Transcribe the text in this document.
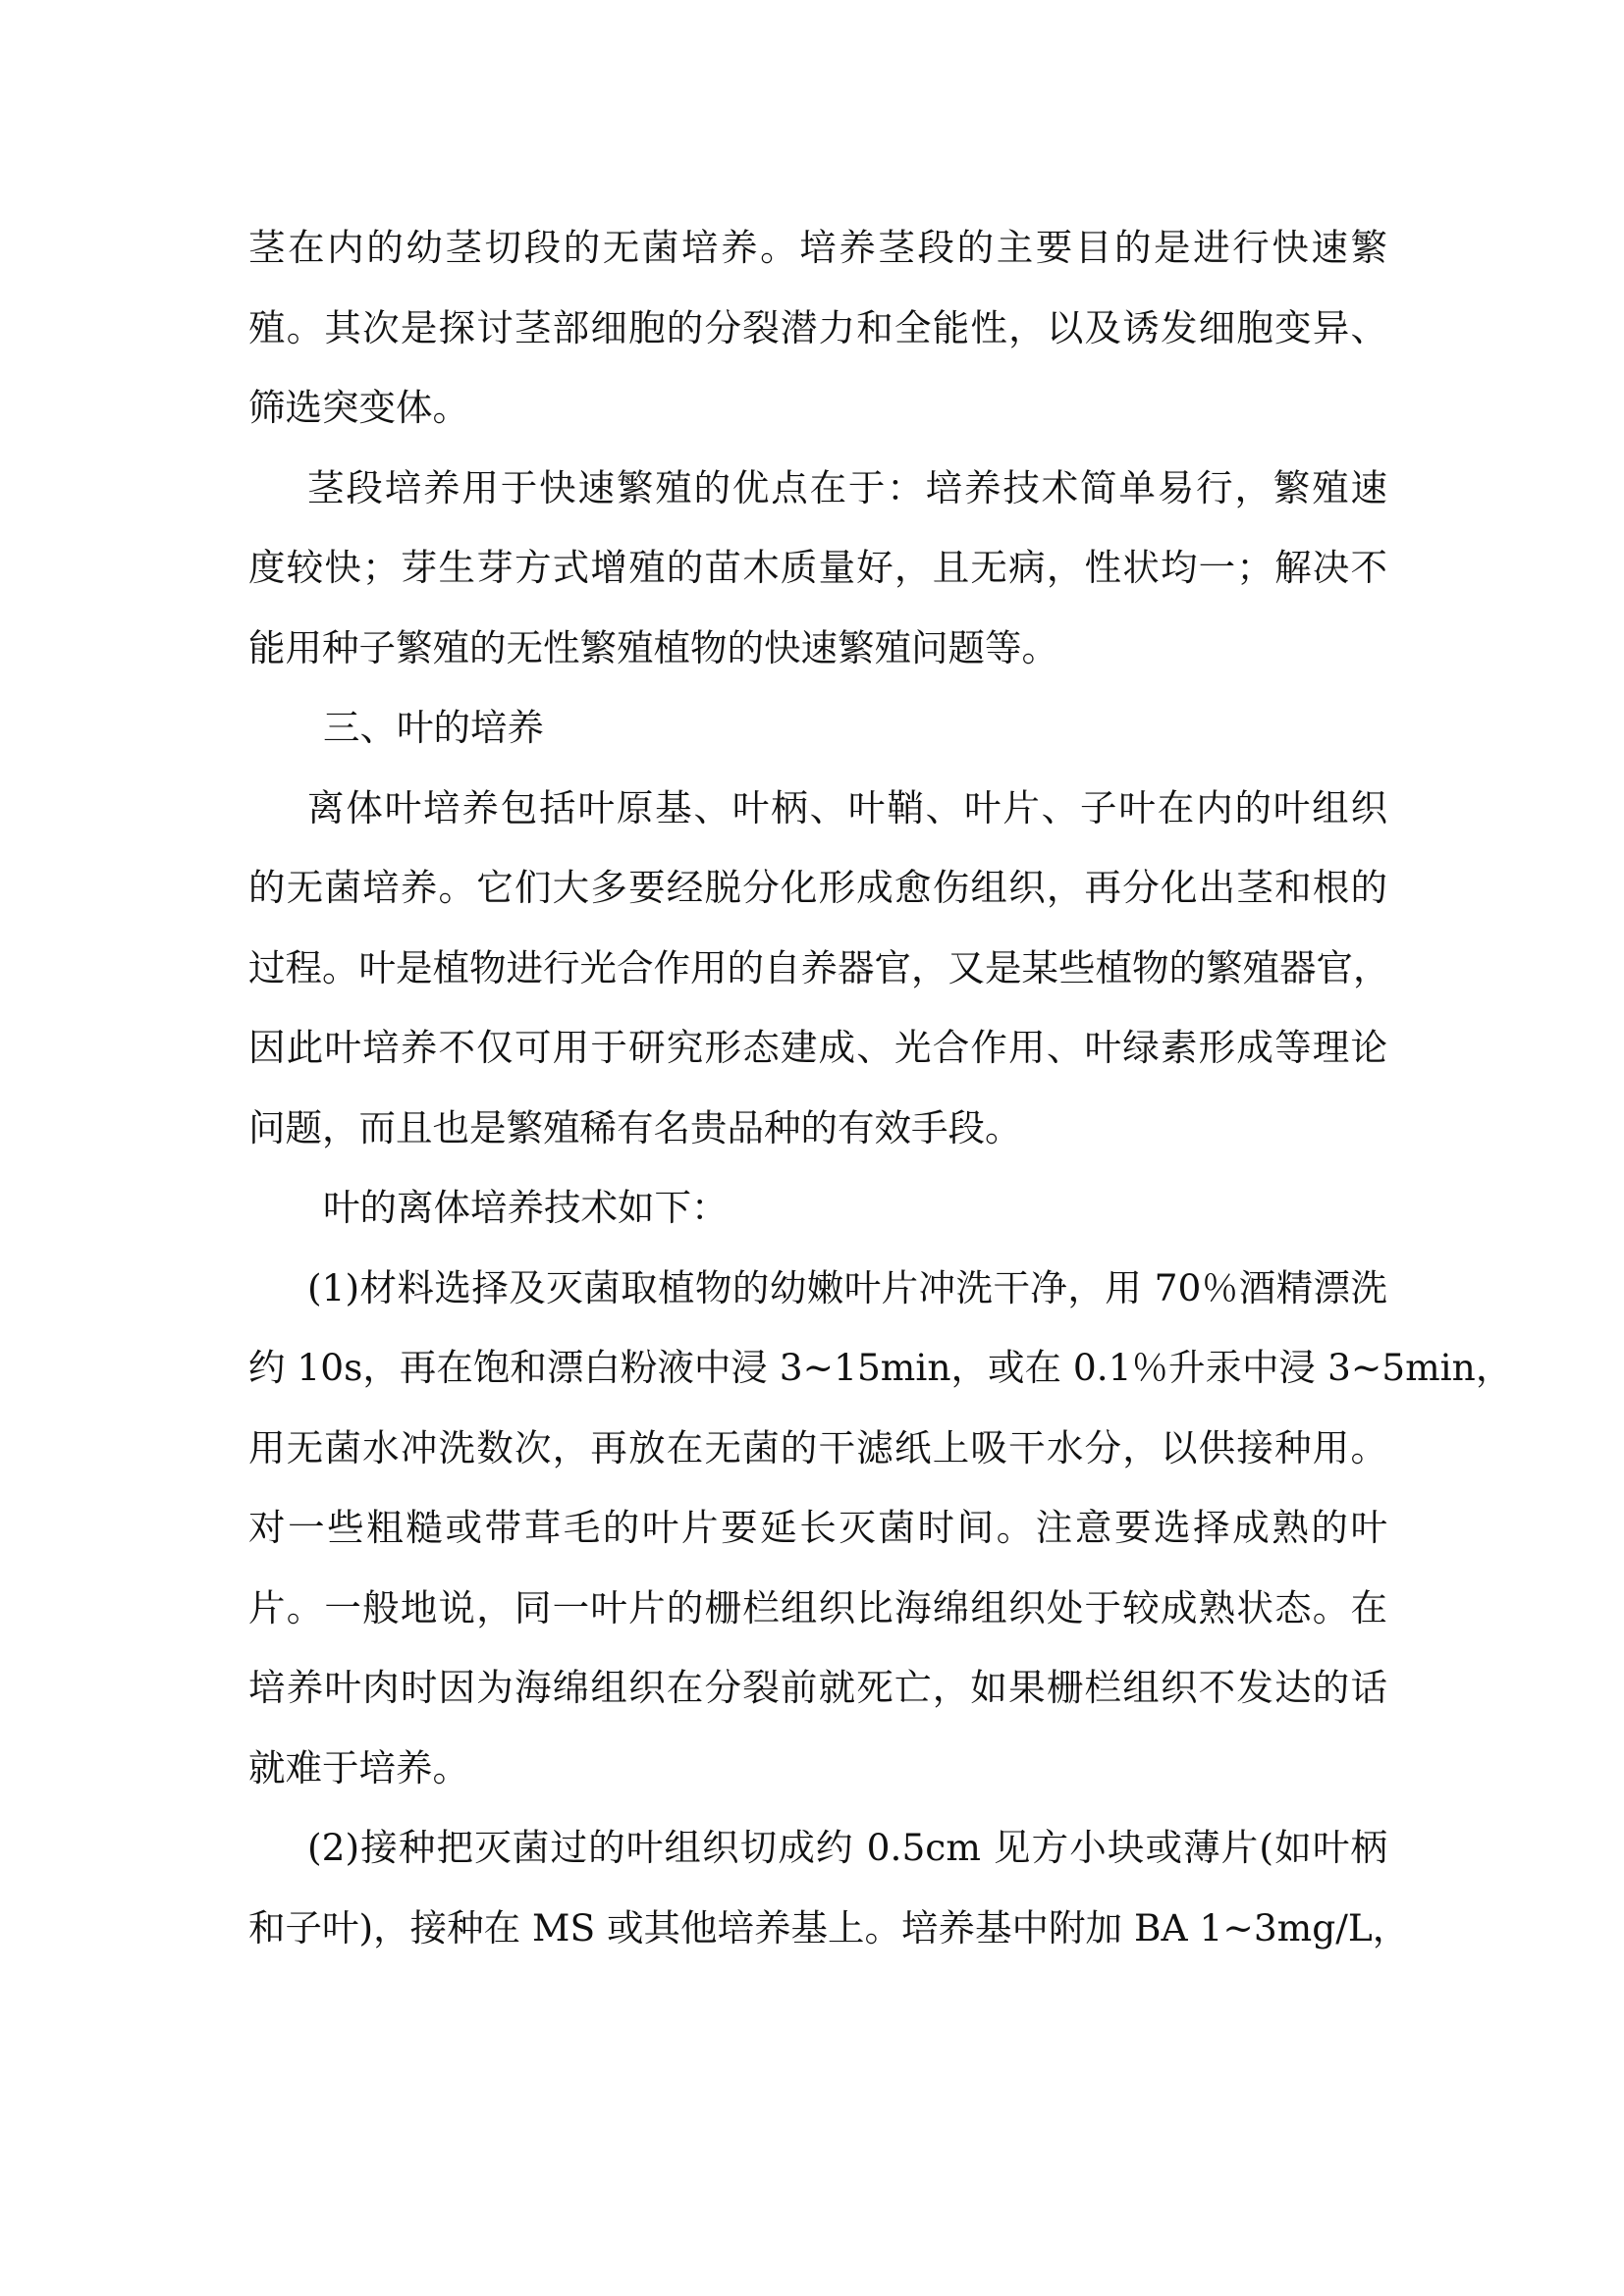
茎在内的幼茎切段的无菌培养。培养茎段的主要目的是进行快速繁
殖。其次是探讨茎部细胞的分裂潜力和全能性，以及诱发细胞变异、
筛选突变体。
茎段培养用于快速繁殖的优点在于：培养技术简单易行，繁殖速
度较快；芽生芽方式增殖的苗木质量好，且无病，性状均一；解决不
能用种子繁殖的无性繁殖植物的快速繁殖问题等。
三、叶的培养
离体叶培养包括叶原基、叶柄、叶鞘、叶片、子叶在内的叶组织
的无菌培养。它们大多要经脱分化形成愈伤组织，再分化出茎和根的
过程。叶是植物进行光合作用的自养器官，又是某些植物的繁殖器官，
因此叶培养不仅可用于研究形态建成、光合作用、叶绿素形成等理论
问题，而且也是繁殖稀有名贵品种的有效手段。
叶的离体培养技术如下：
(1)材料选择及灭菌取植物的幼嫩叶片冲洗干净，用 70％酒精漂洗
约 10s，再在饱和漂白粉液中浸 3~15min，或在 0.1％升汞中浸 3~5min，
用无菌水冲洗数次，再放在无菌的干滤纸上吸干水分，以供接种用。
对一些粗糙或带茸毛的叶片要延长灭菌时间。注意要选择成熟的叶
片。一般地说，同一叶片的栅栏组织比海绵组织处于较成熟状态。在
培养叶肉时因为海绵组织在分裂前就死亡，如果栅栏组织不发达的话
就难于培养。
(2)接种把灭菌过的叶组织切成约 0.5cm 见方小块或薄片(如叶柄
和子叶)，接种在 MS 或其他培养基上。培养基中附加 BA 1~3mg/L，
